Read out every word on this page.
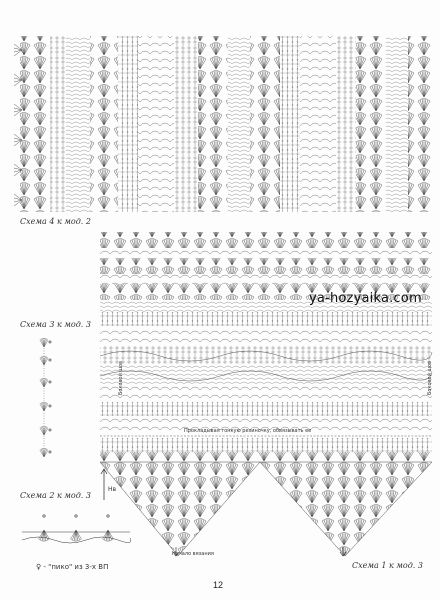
Схема 4 к мод. 2
Схема 3 к мод. 3
Схема 2 к мод. 3
Схема 1 к мод. 3
ya-hozyaika.com
Прокладывая тонкую резиночку, обвязывать ее
Боковой шов	Боковой шов
Начало вязания
Нв
♀ - "пико" из 3-х ВП
12
